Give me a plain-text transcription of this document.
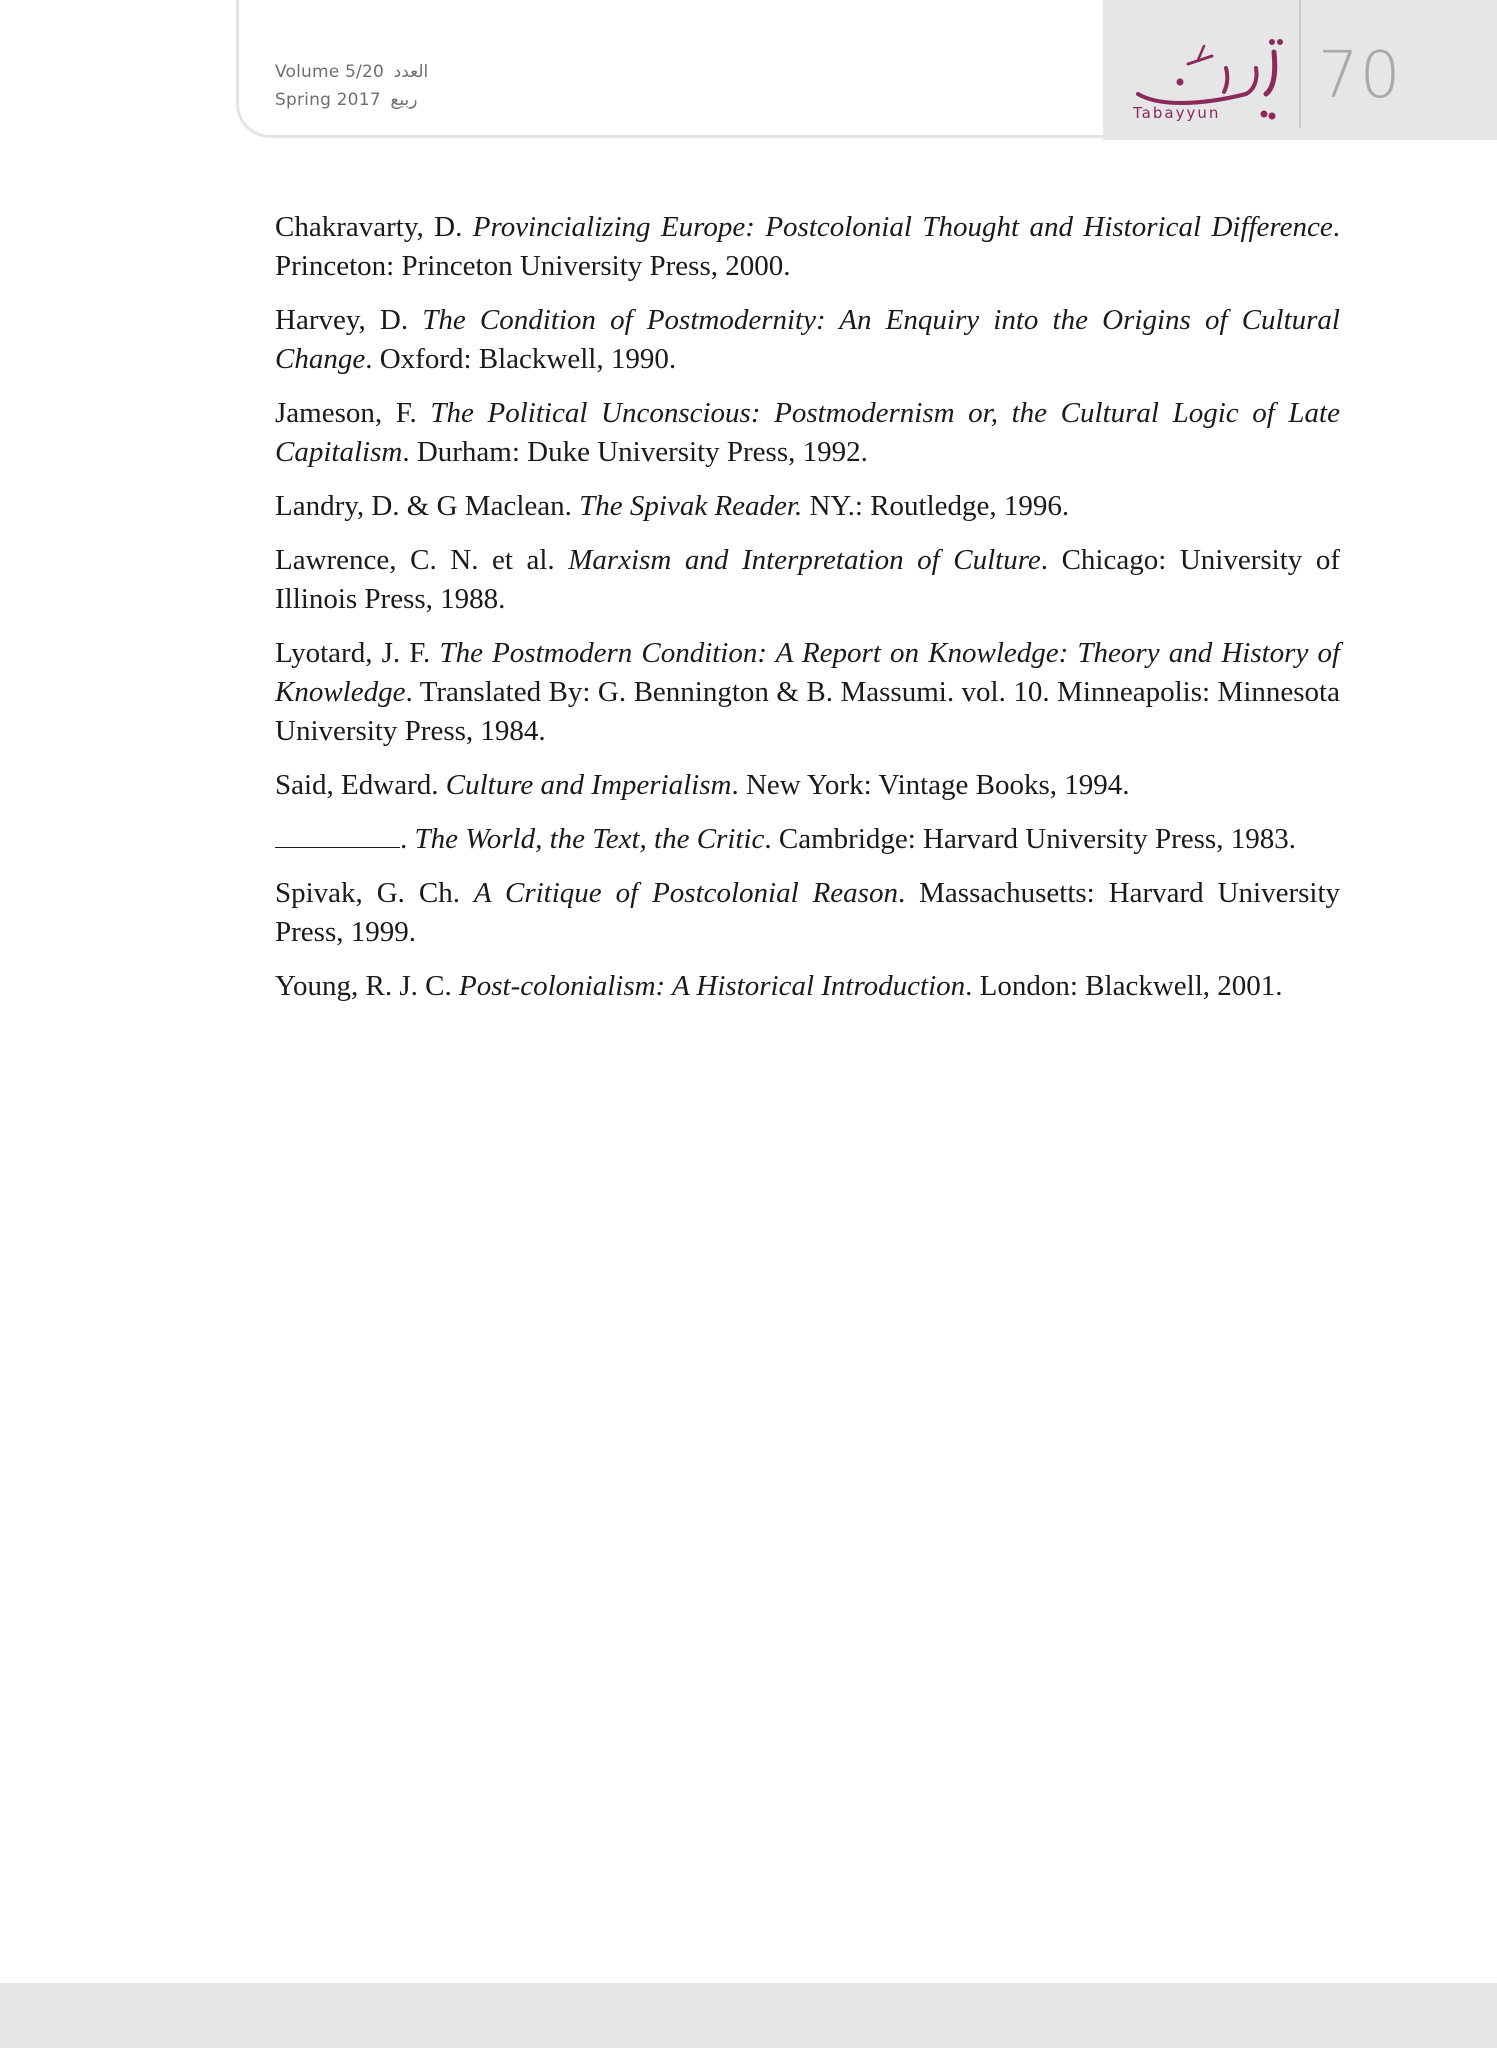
Volume 5/20 العدد
Spring 2017 ربيع
Tabayyun 70

Chakravarty, D. Provincializing Europe: Postcolonial Thought and Historical Difference. Princeton: Princeton University Press, 2000.

Harvey, D. The Condition of Postmodernity: An Enquiry into the Origins of Cultural Change. Oxford: Blackwell, 1990.

Jameson, F. The Political Unconscious: Postmodernism or, the Cultural Logic of Late Capitalism. Durham: Duke University Press, 1992.

Landry, D. & G Maclean. The Spivak Reader. NY.: Routledge, 1996.

Lawrence, C. N. et al. Marxism and Interpretation of Culture. Chicago: University of Illinois Press, 1988.

Lyotard, J. F. The Postmodern Condition: A Report on Knowledge: Theory and History of Knowledge. Translated By: G. Bennington & B. Massumi. vol. 10. Minneapolis: Minnesota University Press, 1984.

Said, Edward. Culture and Imperialism. New York: Vintage Books, 1994.

. The World, the Text, the Critic. Cambridge: Harvard University Press, 1983.

Spivak, G. Ch. A Critique of Postcolonial Reason. Massachusetts: Harvard University Press, 1999.

Young, R. J. C. Post-colonialism: A Historical Introduction. London: Blackwell, 2001.
